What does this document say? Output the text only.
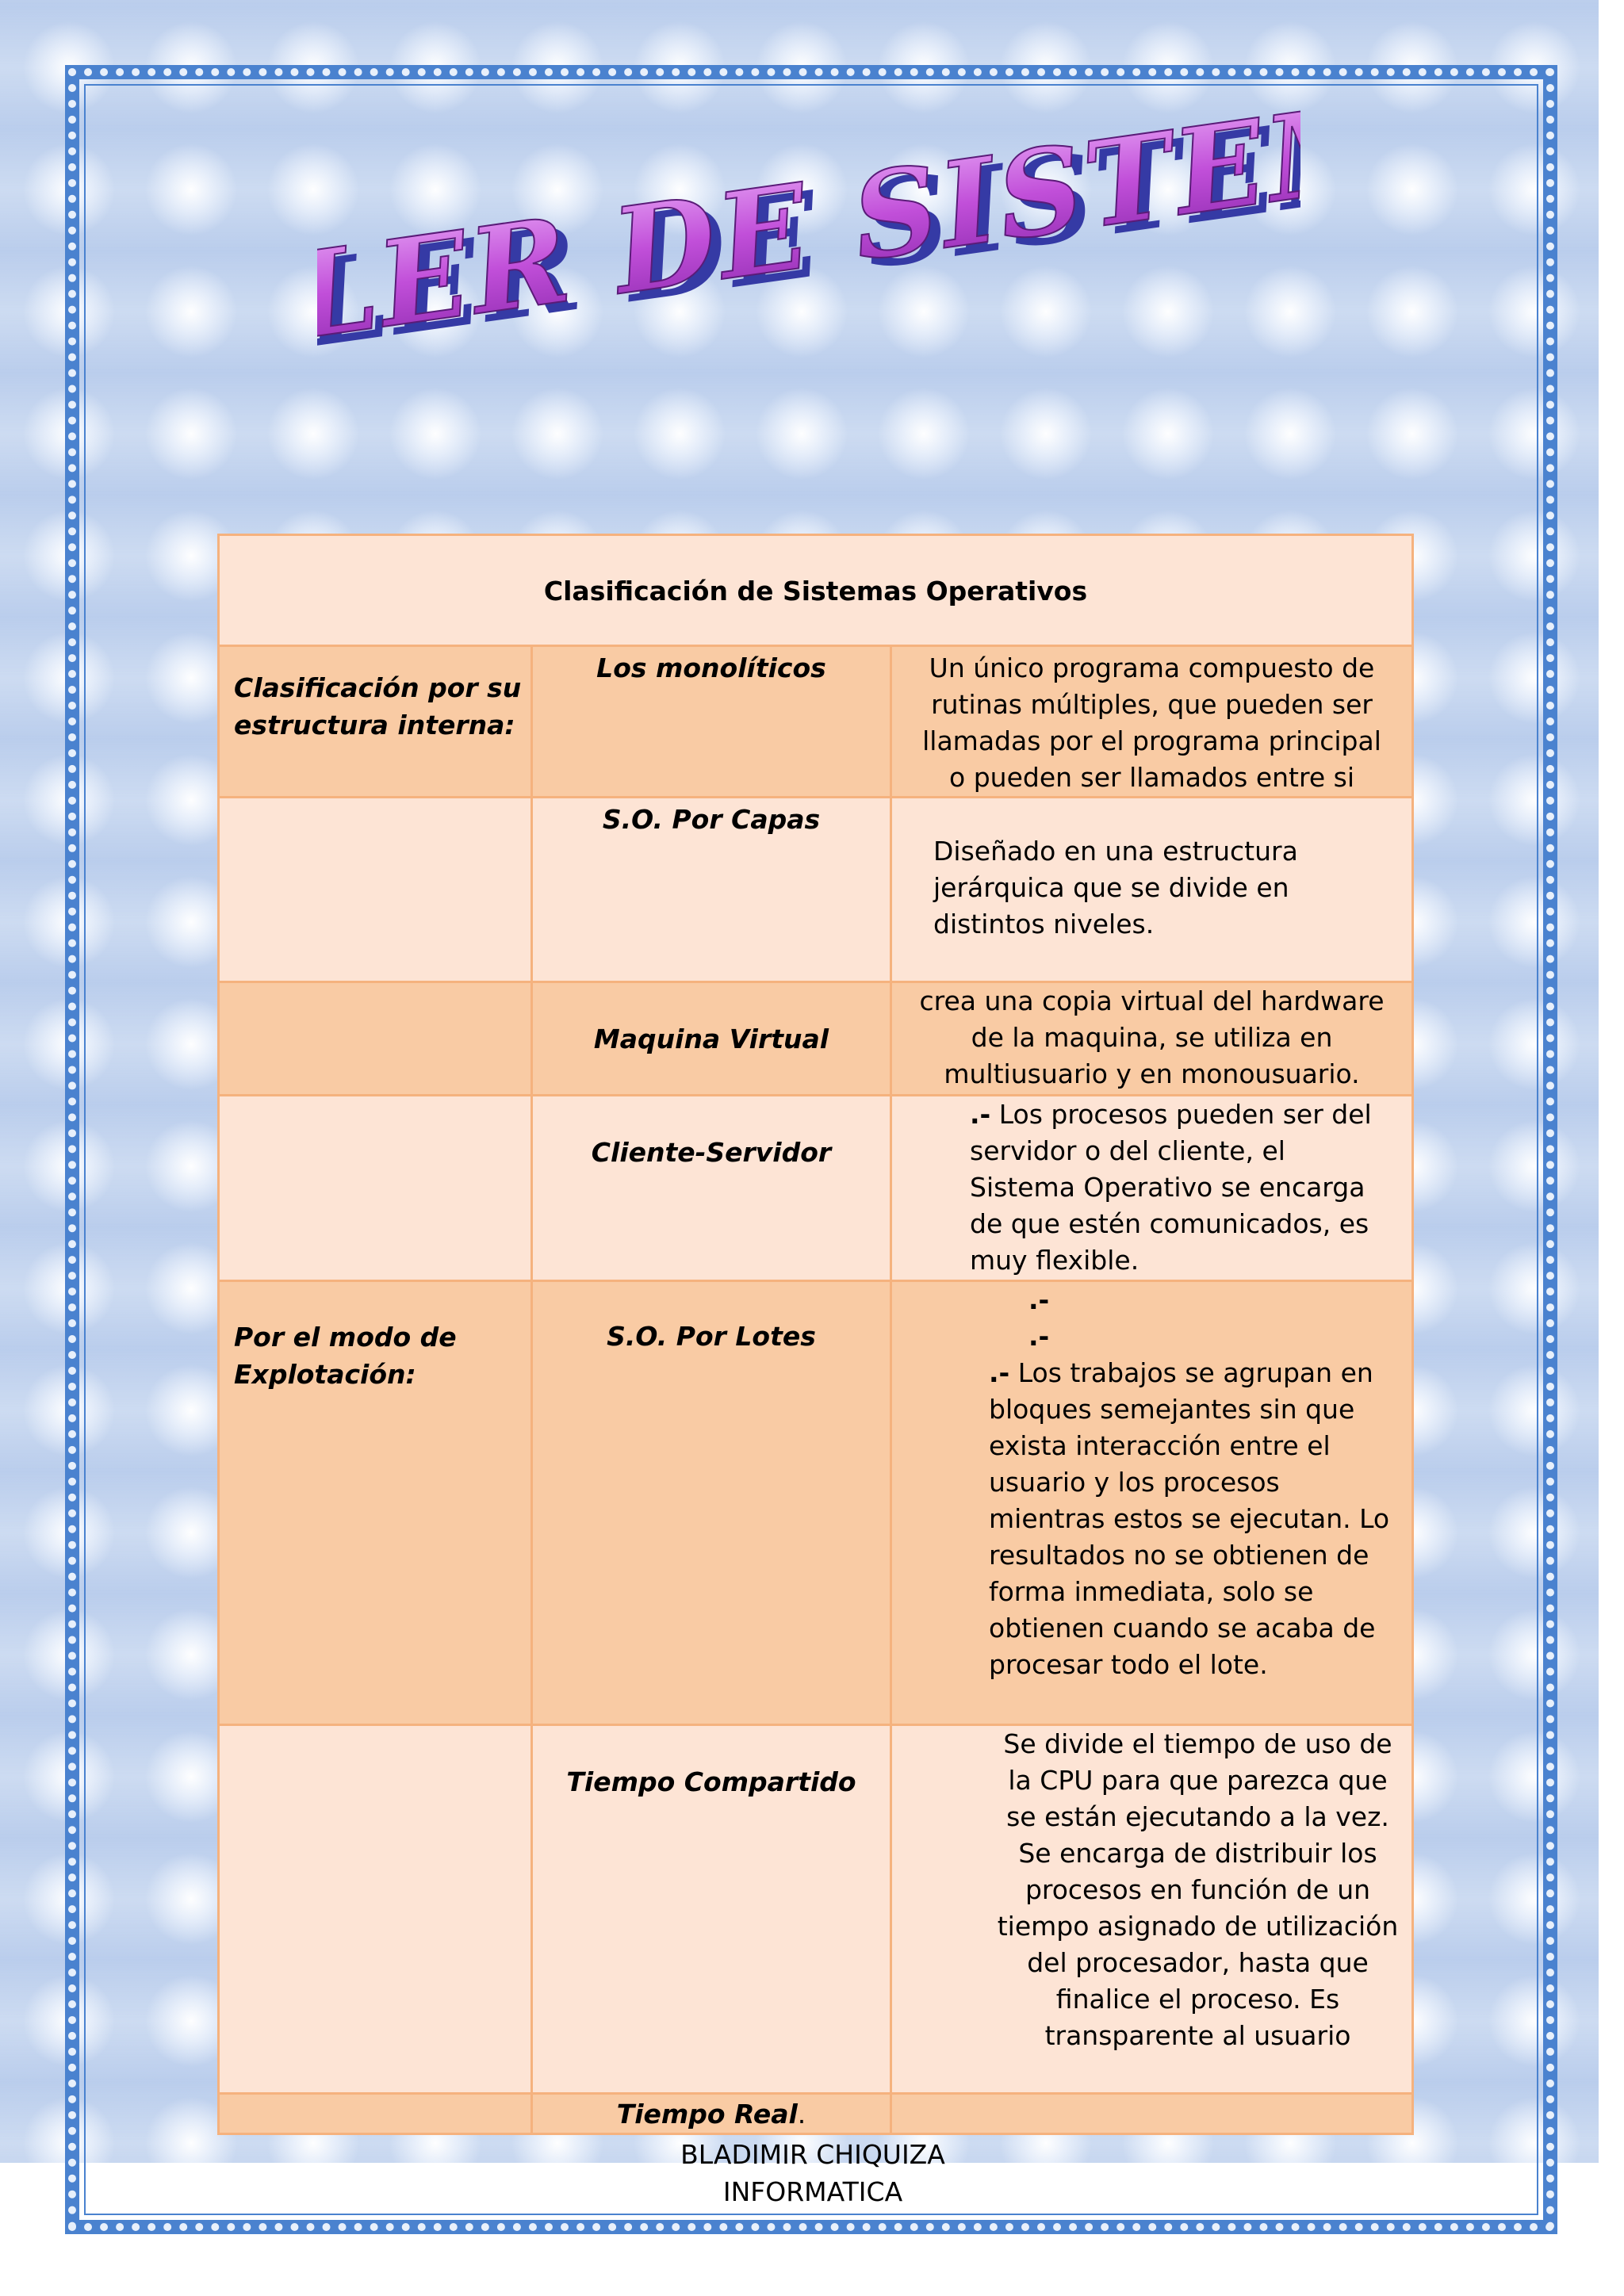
TALLER DE SISTEMAS
TALLER DE SISTEMAS
Clasificación de Sistemas Operativos		

Clasificación por su estructura interna:	Los monolíticos	Un único programa compuesto de rutinas múltiples, que pueden ser llamadas por el programa principal o pueden ser llamados entre si

	S.O. Por Capas	Diseñado en una estructura jerárquica que se divide en distintos niveles.

	Maquina Virtual	crea una copia virtual del hardware de la maquina, se utiliza en multiusuario y en monousuario.

	Cliente-Servidor	.- Los procesos pueden ser del servidor o del cliente, el Sistema Operativo se encarga de que estén comunicados, es muy flexible.

Por el modo de Explotación:	S.O. Por Lotes	.-
.-
.- Los trabajos se agrupan en bloques semejantes sin que exista interacción entre el usuario y los procesos mientras estos se ejecutan. Lo resultados no se obtienen de forma inmediata, solo se obtienen cuando se acaba de procesar todo el lote.

	Tiempo Compartido	Se divide el tiempo de uso de la CPU para que parezca que se están ejecutando a la vez. Se encarga de distribuir los procesos en función de un tiempo asignado de utilización del procesador, hasta que finalice el proceso. Es transparente al usuario

	Tiempo Real.	

BLADIMIR CHIQUIZA
INFORMATICA
